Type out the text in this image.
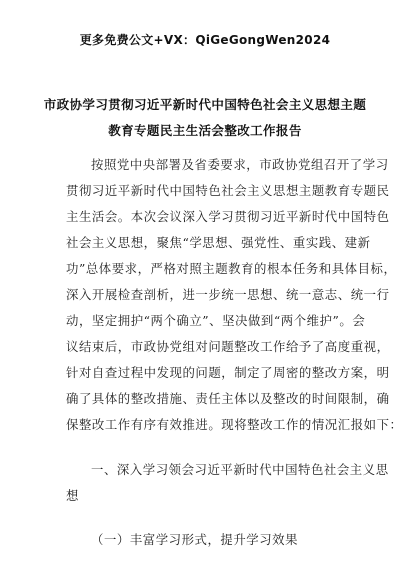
更多免费公文+VX：QiGeGongWen2024
市政协学习贯彻习近平新时代中国特色社会主义思想主题
教育专题民主生活会整改工作报告
按照党中央部署及省委要求，市政协党组召开了学习
贯彻习近平新时代中国特色社会主义思想主题教育专题民
主生活会。本次会议深入学习贯彻习近平新时代中国特色
社会主义思想，聚焦“学思想、强党性、重实践、建新
功”总体要求，严格对照主题教育的根本任务和具体目标，
深入开展检查剖析，进一步统一思想、统一意志、统一行
动，坚定拥护“两个确立”、坚决做到“两个维护”。会
议结束后，市政协党组对问题整改工作给予了高度重视，
针对自查过程中发现的问题，制定了周密的整改方案，明
确了具体的整改措施、责任主体以及整改的时间限制，确
保整改工作有序有效推进。现将整改工作的情况汇报如下：
一、深入学习领会习近平新时代中国特色社会主义思
想
（一）丰富学习形式，提升学习效果
